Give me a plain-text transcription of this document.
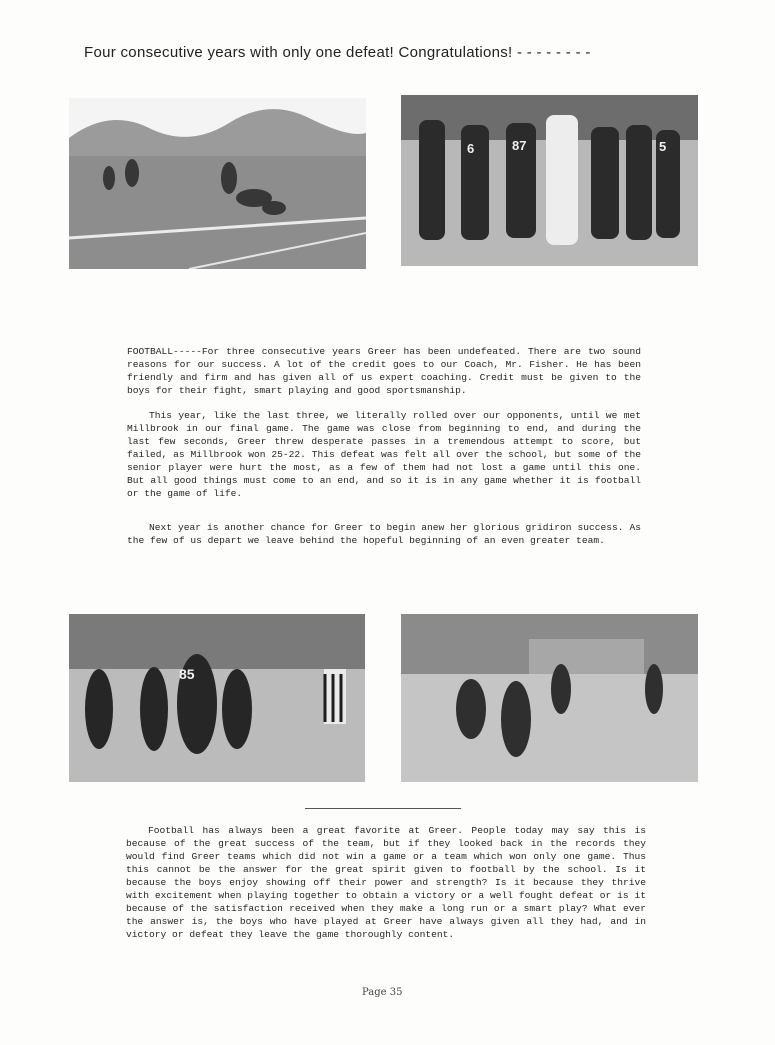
Four consecutive years with only one defeat! Congratulations! - - - - - - - -
87
6	5

FOOTBALL-----For three consecutive years Greer has been undefeated. There are two sound reasons for our success. A lot of the credit goes to our Coach, Mr. Fisher. He has been friendly and firm and has given all of us expert coaching. Credit must be given to the boys for their fight, smart playing and good sportsmanship.

This year, like the last three, we literally rolled over our opponents, until we met Millbrook in our final game. The game was close from beginning to end, and during the last few seconds, Greer threw desperate passes in a tremendous attempt to score, but failed, as Millbrook won 25-22. This defeat was felt all over the school, but some of the senior player were hurt the most, as a few of them had not lost a game until this one. But all good things must come to an end, and so it is in any game whether it is football or the game of life.

Next year is another chance for Greer to begin anew her glorious gridiron success. As the few of us depart we leave behind the hopeful beginning of an even greater team.

85

Football has always been a great favorite at Greer. People today may say this is because of the great success of the team, but if they looked back in the records they would find Greer teams which did not win a game or a team which won only one game. Thus this cannot be the answer for the great spirit given to football by the school. Is it because the boys enjoy showing off their power and strength? Is it because they thrive with excitement when playing together to obtain a victory or a well fought defeat or is it because of the satisfaction received when they make a long run or a smart play? What ever the answer is, the boys who have played at Greer have always given all they had, and in victory or defeat they leave the game thoroughly content.

Page 35
